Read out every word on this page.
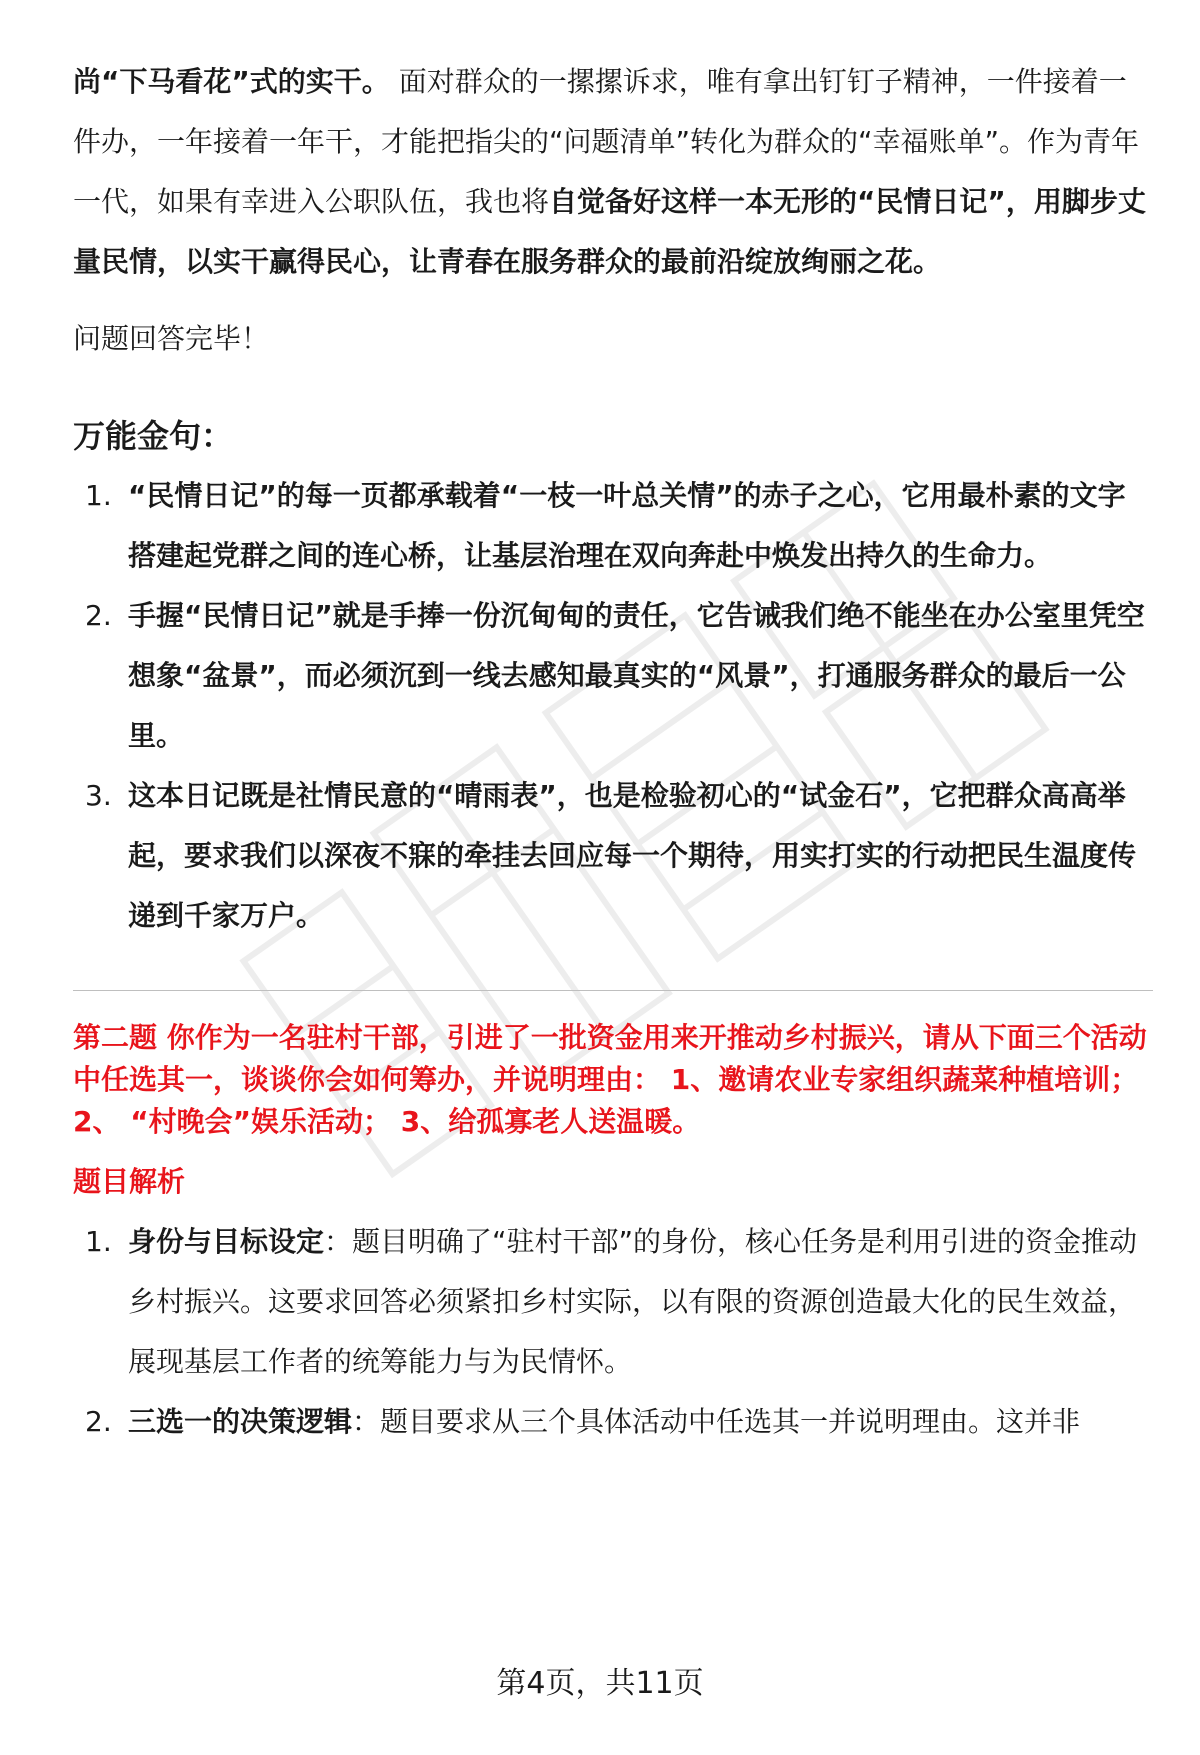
尚“下马看花”式的实干。 面对群众的一摞摞诉求，唯有拿出钉钉子精神，一件接着一件办，一年接着一年干，才能把指尖的“问题清单”转化为群众的“幸福账单”。作为青年一代，如果有幸进入公职队伍，我也将自觉备好这样一本无形的“民情日记”，用脚步丈量民情，以实干赢得民心，让青春在服务群众的最前沿绽放绚丽之花。

问题回答完毕！

万能金句：
1. “民情日记”的每一页都承载着“一枝一叶总关情”的赤子之心，它用最朴素的文字搭建起党群之间的连心桥，让基层治理在双向奔赴中焕发出持久的生命力。
2. 手握“民情日记”就是手捧一份沉甸甸的责任，它告诫我们绝不能坐在办公室里凭空想象“盆景”，而必须沉到一线去感知最真实的“风景”，打通服务群众的最后一公里。
3. 这本日记既是社情民意的“晴雨表”，也是检验初心的“试金石”，它把群众高高举起，要求我们以深夜不寐的牵挂去回应每一个期待，用实打实的行动把民生温度传递到千家万户。

第二题 你作为一名驻村干部，引进了一批资金用来开推动乡村振兴，请从下面三个活动中任选其一，谈谈你会如何筹办，并说明理由： 1、邀请农业专家组织蔬菜种植培训； 2、 “村晚会”娱乐活动； 3、给孤寡老人送温暖。

题目解析
1. 身份与目标设定：题目明确了“驻村干部”的身份，核心任务是利用引进的资金推动乡村振兴。这要求回答必须紧扣乡村实际，以有限的资源创造最大化的民生效益，展现基层工作者的统筹能力与为民情怀。
2. 三选一的决策逻辑：题目要求从三个具体活动中任选其一并说明理由。这并非
第4页，共11页
